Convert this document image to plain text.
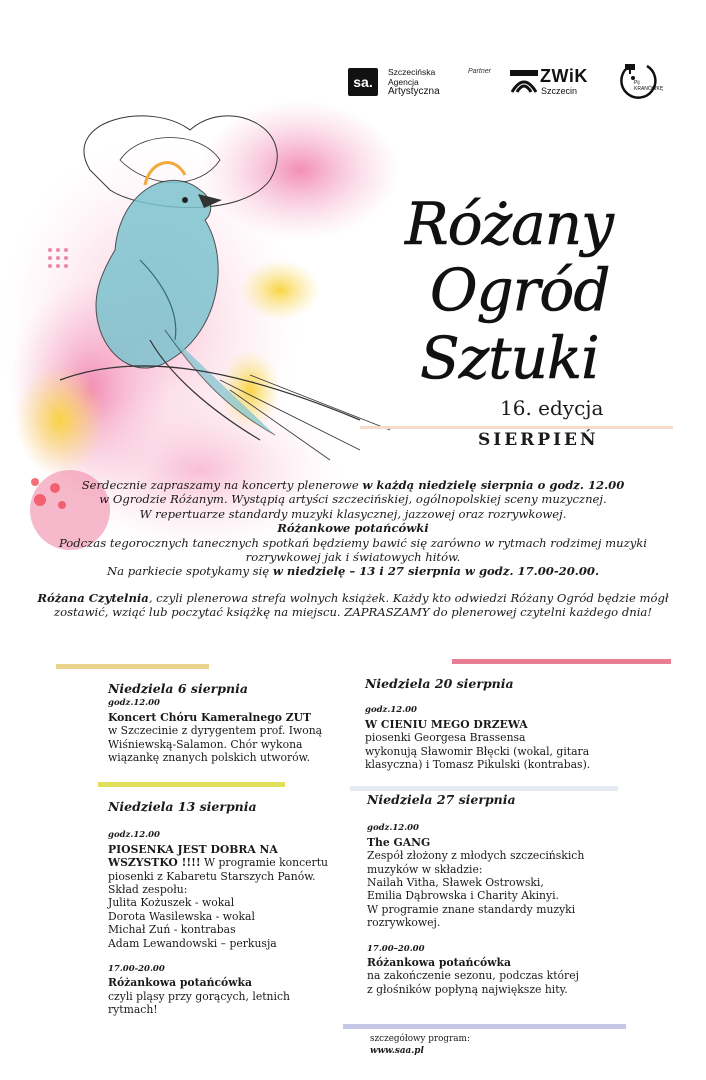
sa.
Szczecińska
Agencja
Artystyczna
Partner	ZWiK
Szczecin
Pij
KRANÓWKĘ
Różany
Ogród
Sztuki
16. edycja
SIERPIEŃ

Serdecznie zapraszamy na koncerty plenerowe w każdą niedzielę sierpnia o godz. 12.00

w Ogrodzie Różanym. Wystąpią artyści szczecińskiej, ogólnopolskiej sceny muzycznej.

W repertuarze standardy muzyki klasycznej, jazzowej oraz rozrywkowej.

Różankowe potańcówki

Podczas tegorocznych tanecznych spotkań będziemy bawić się zarówno w rytmach rodzimej muzyki

rozrywkowej jak i światowych hitów.

Na parkiecie spotykamy się w niedzielę – 13 i 27 sierpnia w godz. 17.00-20.00.

Różana Czytelnia, czyli plenerowa strefa wolnych książek. Każdy kto odwiedzi Różany Ogród będzie mógł

zostawić, wziąć lub poczytać książkę na miejscu. ZAPRASZAMY do plenerowej czytelni każdego dnia!

Niedziela 6 sierpnia
godz.12.00
Koncert Chóru Kameralnego ZUT
w Szczecinie z dyrygentem prof. Iwoną
Wiśniewską-Salamon. Chór wykona
wiązankę znanych polskich utworów.
Niedziela 13 sierpnia
godz.12.00
PIOSENKA JEST DOBRA NA
WSZYSTKO !!!! W programie koncertu
piosenki z Kabaretu Starszych Panów.
Skład zespołu:
Julita Kożuszek - wokal
Dorota Wasilewska - wokal
Michał Zuń - kontrabas
Adam Lewandowski – perkusja
17.00-20.00
Różankowa potańcówka
czyli pląsy przy gorących, letnich
rytmach!
Niedziela 20 sierpnia
godz.12.00
W CIENIU MEGO DRZEWA
piosenki Georgesa Brassensa
wykonują Sławomir Błęcki (wokal, gitara
klasyczna) i Tomasz Pikulski (kontrabas).
Niedziela 27 sierpnia
godz.12.00
The GANG
Zespół złożony z młodych szczecińskich
muzyków w składzie:
Nailah Vitha, Sławek Ostrowski,
Emilia Dąbrowska i Charity Akinyi.
W programie znane standardy muzyki
rozrywkowej.
17.00–20.00
Różankowa potańcówka
na zakończenie sezonu, podczas której
z głośników popłyną największe hity.
szczegółowy program:
www.saa.pl
